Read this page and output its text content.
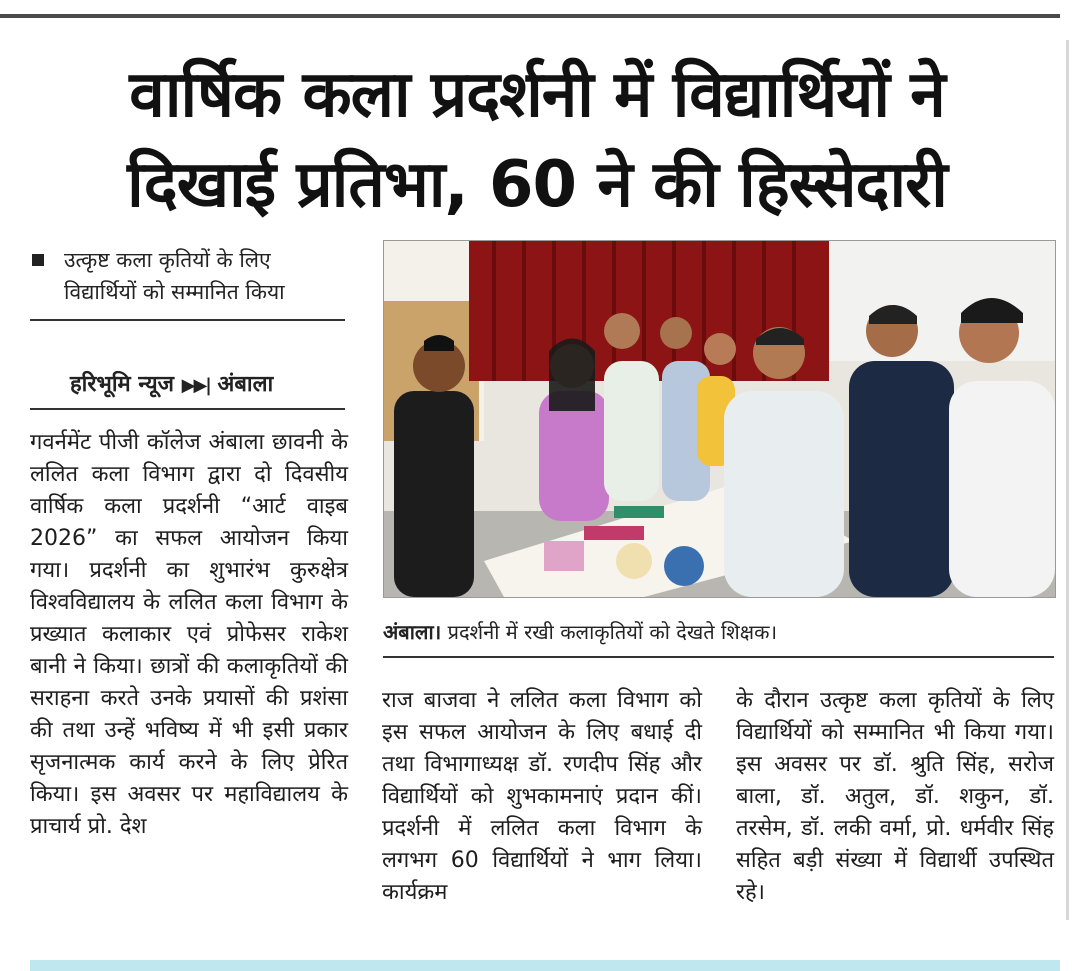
वार्षिक कला प्रदर्शनी में विद्यार्थियों ने
दिखाई प्रतिभा, 60 ने की हिस्सेदारी
उत्कृष्ट कला कृतियों के लिए विद्यार्थियों को सम्मानित किया
हरिभूमि न्यूज ▶▶| अंबाला
गवर्नमेंट पीजी कॉलेज अंबाला छावनी के ललित कला विभाग द्वारा दो दिवसीय वार्षिक कला प्रदर्शनी “आर्ट वाइब 2026” का सफल आयोजन किया गया। प्रदर्शनी का शुभारंभ कुरुक्षेत्र विश्वविद्यालय के ललित कला विभाग के प्रख्यात कलाकार एवं प्रोफेसर राकेश बानी ने किया। छात्रों की कलाकृतियों की सराहना करते उनके प्रयासों की प्रशंसा की तथा उन्हें भविष्य में भी इसी प्रकार सृजनात्मक कार्य करने के लिए प्रेरित किया। इस अवसर पर महाविद्यालय के प्राचार्य प्रो. देश
अंबाला। प्रदर्शनी में रखी कलाकृतियों को देखते शिक्षक।
राज बाजवा ने ललित कला विभाग को इस सफल आयोजन के लिए बधाई दी तथा विभागाध्यक्ष डॉ. रणदीप सिंह और विद्यार्थियों को शुभकामनाएं प्रदान कीं। प्रदर्शनी में ललित कला विभाग के लगभग 60 विद्यार्थियों ने भाग लिया। कार्यक्रम
के दौरान उत्कृष्ट कला कृतियों के लिए विद्यार्थियों को सम्मानित भी किया गया। इस अवसर पर डॉ. श्रुति सिंह, सरोज बाला, डॉ. अतुल, डॉ. शकुन, डॉ. तरसेम, डॉ. लकी वर्मा, प्रो. धर्मवीर सिंह सहित बड़ी संख्या में विद्यार्थी उपस्थित रहे।
